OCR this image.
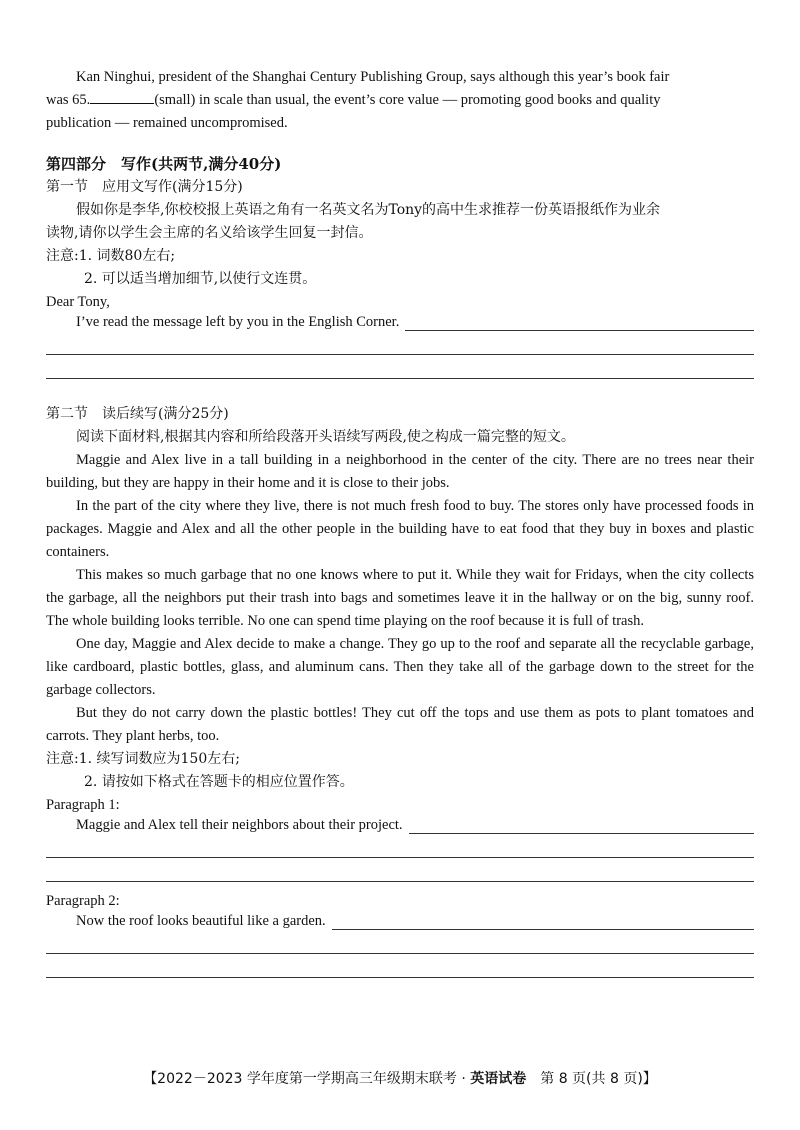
Kan Ninghui, president of the Shanghai Century Publishing Group, says although this year’s book fair

was 65.	(small) in scale than usual, the event’s core value — promoting good books and quality

publication — remained uncompromised.

第四部分　写作(共两节,满分40分)

第一节　应用文写作(满分15分)

假如你是李华,你校校报上英语之角有一名英文名为Tony的高中生求推荐一份英语报纸作为业余

读物,请你以学生会主席的名义给该学生回复一封信。

注意:1. 词数80左右;

2. 可以适当增加细节,以使行文连贯。

Dear Tony,

I’ve read the message left by you in the English Corner.

第二节　读后续写(满分25分)

阅读下面材料,根据其内容和所给段落开头语续写两段,使之构成一篇完整的短文。

Maggie and Alex live in a tall building in a neighborhood in the center of the city. There are no trees near their building, but they are happy in their home and it is close to their jobs.

In the part of the city where they live, there is not much fresh food to buy. The stores only have processed foods in packages. Maggie and Alex and all the other people in the building have to eat food that they buy in boxes and plastic containers.

This makes so much garbage that no one knows where to put it. While they wait for Fridays, when the city collects the garbage, all the neighbors put their trash into bags and sometimes leave it in the hallway or on the big, sunny roof. The whole building looks terrible. No one can spend time playing on the roof because it is full of trash.

One day, Maggie and Alex decide to make a change. They go up to the roof and separate all the recyclable garbage, like cardboard, plastic bottles, glass, and aluminum cans. Then they take all of the garbage down to the street for the garbage collectors.

But they do not carry down the plastic bottles! They cut off the tops and use them as pots to plant tomatoes and carrots. They plant herbs, too.

注意:1. 续写词数应为150左右;

2. 请按如下格式在答题卡的相应位置作答。

Paragraph 1:

Maggie and Alex tell their neighbors about their project.

Paragraph 2:

Now the roof looks beautiful like a garden.
【2022－2023 学年度第一学期高三年级期末联考 · 英语试卷　第 8 页(共 8 页)】
